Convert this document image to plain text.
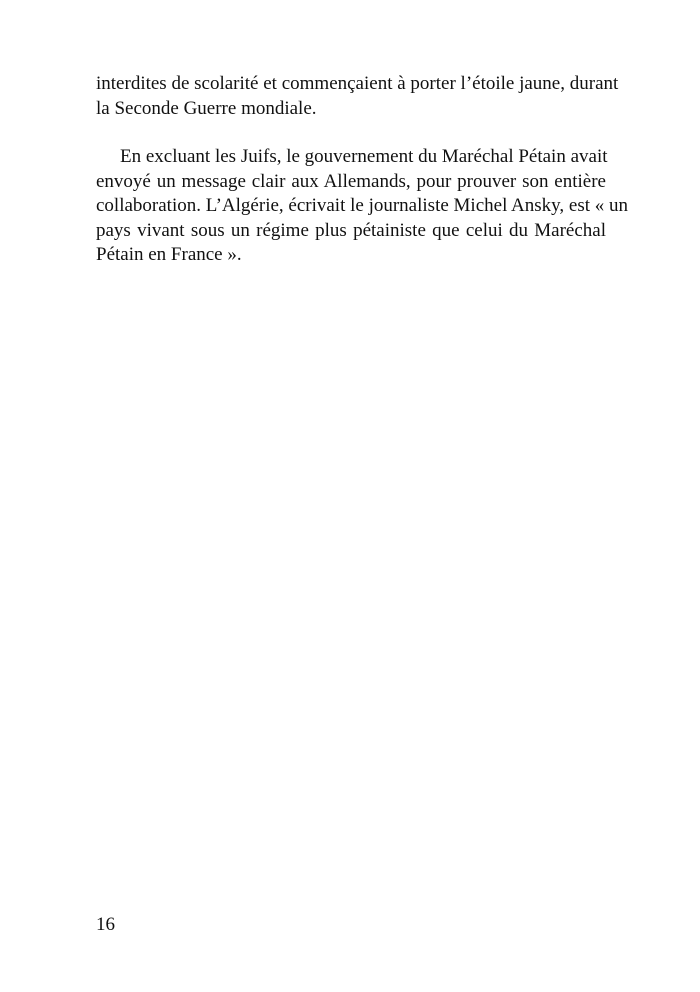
interdites de scolarité et commençaient à porter l’étoile jaune, durant
la Seconde Guerre mondiale.

En excluant les Juifs, le gouvernement du Maréchal Pétain avait
envoyé un message clair aux Allemands, pour prouver son entière
collaboration. L’Algérie, écrivait le journaliste Michel Ansky, est « un
pays vivant sous un régime plus pétainiste que celui du Maréchal
Pétain en France ».

16
